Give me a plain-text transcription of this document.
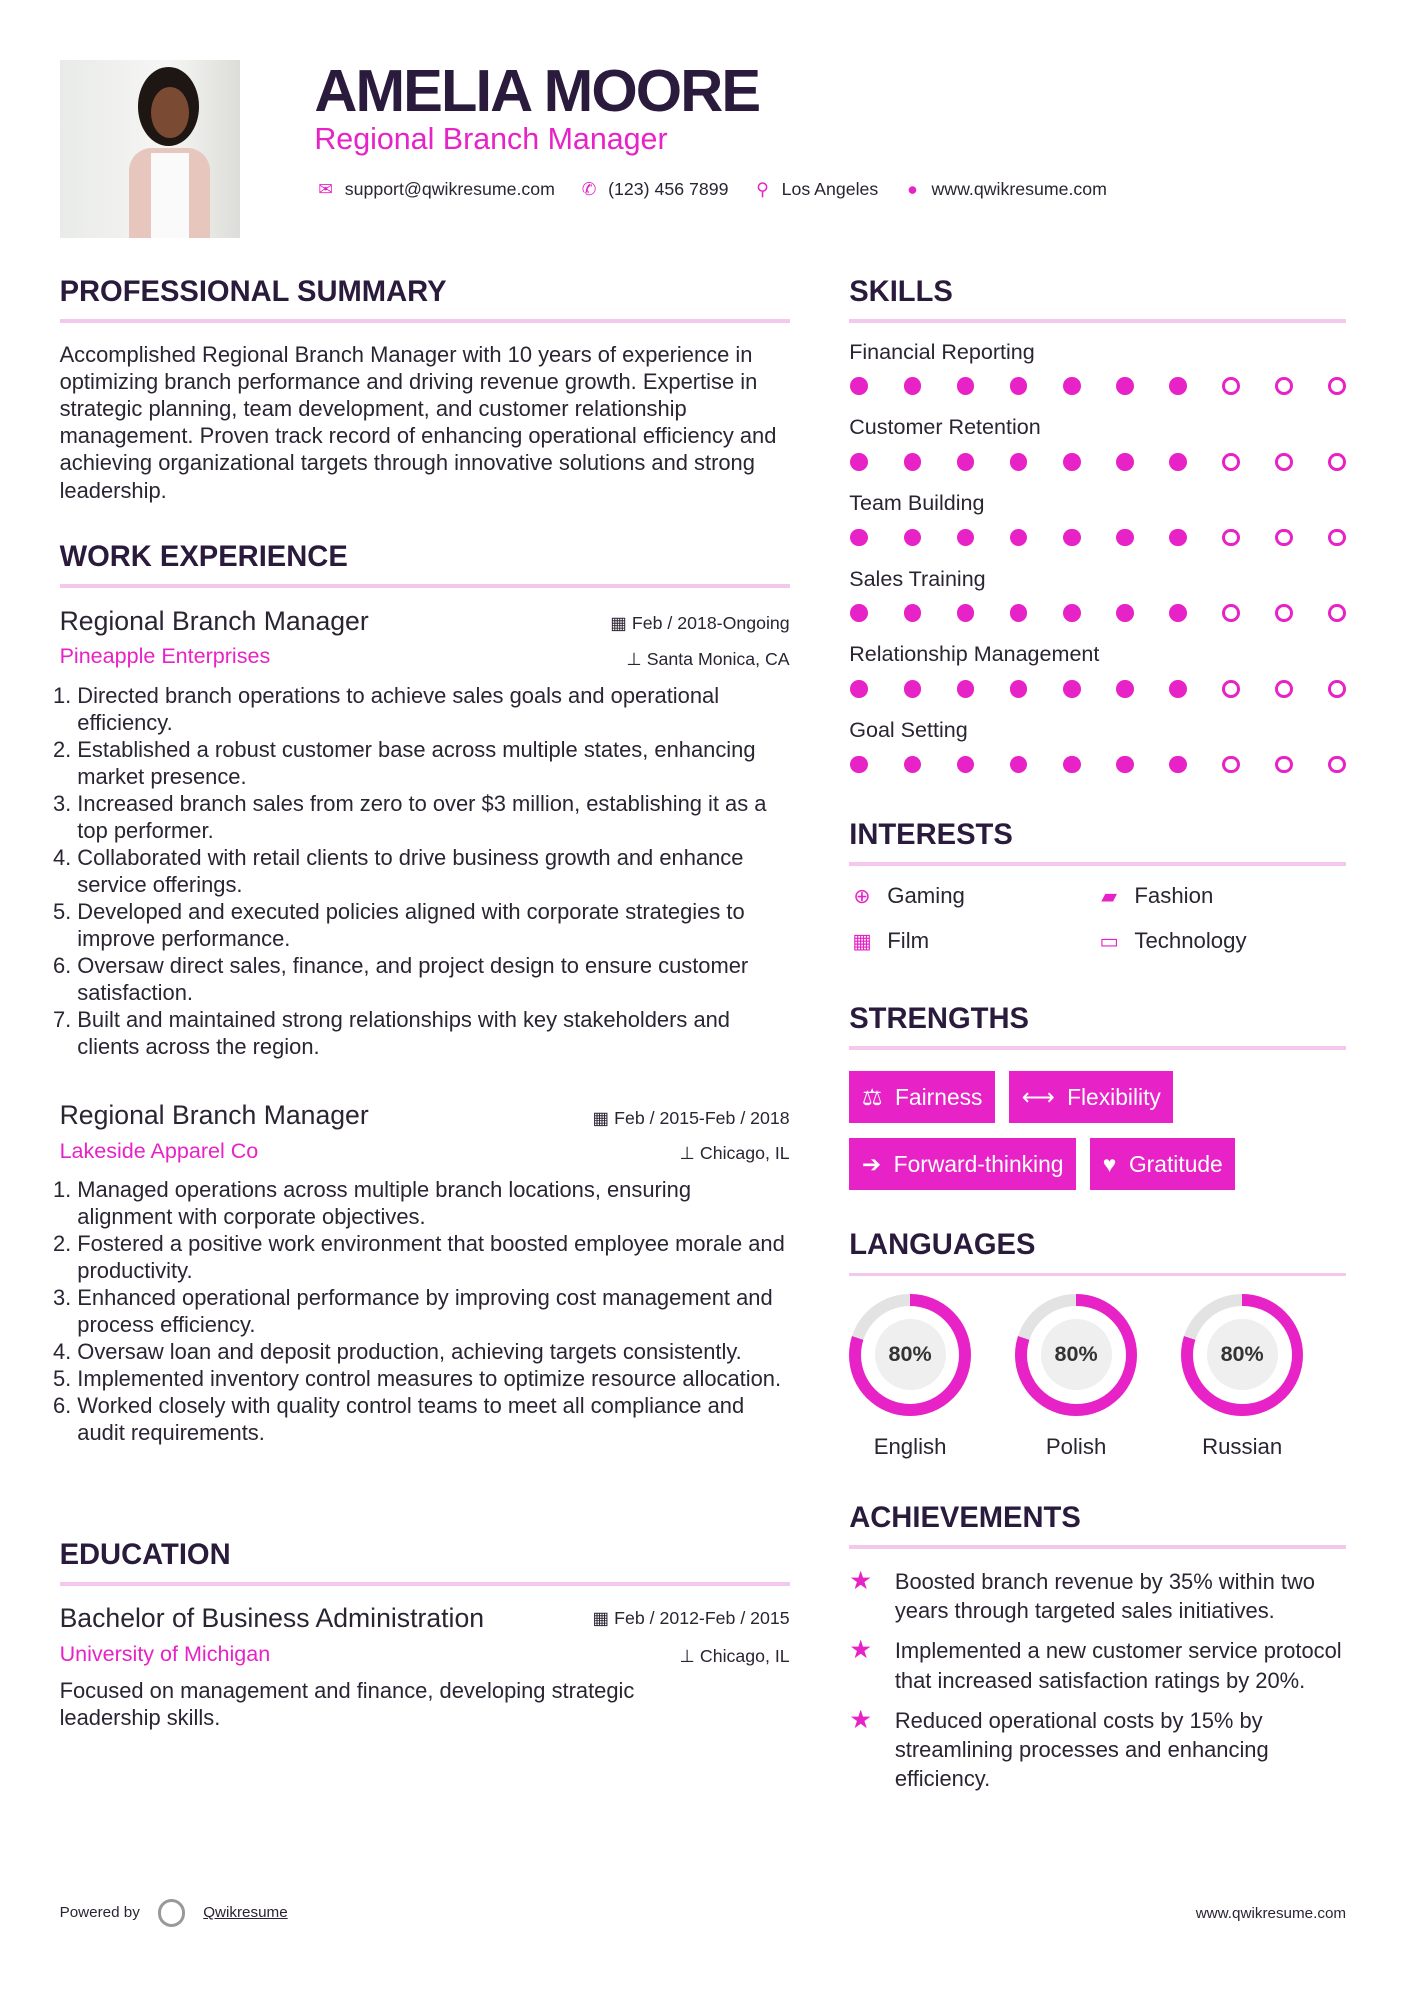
AMELIA MOORE
Regional Branch Manager
✉ support@qwikresume.com ✆ (123) 456 7899	⚲ Los Angeles	● www.qwikresume.com
PROFESSIONAL SUMMARY

Accomplished Regional Branch Manager with 10 years of experience in optimizing branch performance and driving revenue growth. Expertise in strategic planning, team development, and customer relationship management. Proven track record of enhancing operational efficiency and achieving organizational targets through innovative solutions and strong leadership.

WORK EXPERIENCE
EDUCATION
Bachelor of Business Administration	▦ Feb / 2012-Feb / 2015
University of Michigan	⊥ Chicago, IL

Focused on management and finance, developing strategic leadership skills.

SKILLS
Financial Reporting
Customer Retention
Team Building
Sales Training
Relationship Management
Goal Setting
INTERESTS
⊕ Gaming	▰ Fashion
▦ Film	▭ Technology
STRENGTHS
⚖ Fairness ⟷ Flexibility
➔ Forward-thinking ♥ Gratitude
LANGUAGES
80%
English
80%
Polish
80%
Russian
ACHIEVEMENTS
★	Boosted branch revenue by 35% within two years through targeted sales initiatives.
★	Implemented a new customer service protocol that increased satisfaction ratings by 20%.
★	Reduced operational costs by 15% by streamlining processes and enhancing efficiency.
Powered by	Qwikresume	www.qwikresume.com
Regional Branch Manager	▦ Feb / 2018-Ongoing
Pineapple Enterprises	⊥ Santa Monica, CA
1. Directed branch operations to achieve sales goals and operational efficiency.
2. Established a robust customer base across multiple states, enhancing market presence.
3. Increased branch sales from zero to over $3 million, establishing it as a top performer.
4. Collaborated with retail clients to drive business growth and enhance service offerings.
5. Developed and executed policies aligned with corporate strategies to improve performance.
6. Oversaw direct sales, finance, and project design to ensure customer satisfaction.
7. Built and maintained strong relationships with key stakeholders and clients across the region.
Regional Branch Manager	▦ Feb / 2015-Feb / 2018
Lakeside Apparel Co	⊥ Chicago, IL
1. Managed operations across multiple branch locations, ensuring alignment with corporate objectives.
2. Fostered a positive work environment that boosted employee morale and productivity.
3. Enhanced operational performance by improving cost management and process efficiency.
4. Oversaw loan and deposit production, achieving targets consistently.
5. Implemented inventory control measures to optimize resource allocation.
6. Worked closely with quality control teams to meet all compliance and audit requirements.
